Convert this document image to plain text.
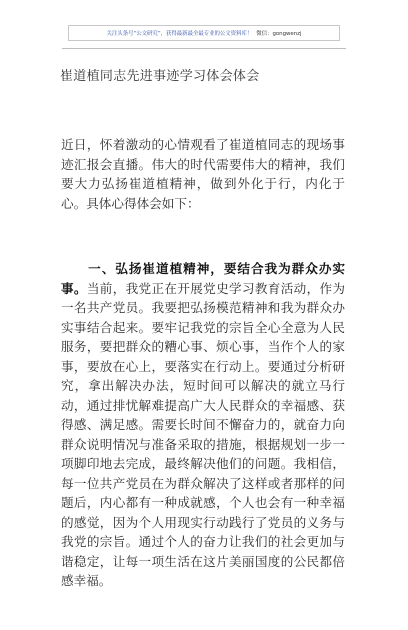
关注头条号“公文研究”，获得最新最全最专业的公文资料库！ 微信：gongwenzj
崔道植同志先进事迹学习体会体会

近日，怀着激动的心情观看了崔道植同志的现场事迹汇报会直播。伟大的时代需要伟大的精神，我们要大力弘扬崔道植精神，做到外化于行，内化于心。具体心得体会如下：

　　一、弘扬崔道植精神，要结合我为群众办实事。当前，我党正在开展党史学习教育活动，作为一名共产党员。我要把弘扬模范精神和我为群众办实事结合起来。要牢记我党的宗旨全心全意为人民服务，要把群众的糟心事、烦心事，当作个人的家事，要放在心上，要落实在行动上。要通过分析研究，拿出解决办法，短时间可以解决的就立马行动，通过排忧解难提高广大人民群众的幸福感、获得感、满足感。需要长时间不懈奋力的，就奋力向群众说明情况与准备采取的措施，根据规划一步一项脚印地去完成，最终解决他们的问题。我相信，每一位共产党员在为群众解决了这样或者那样的问题后，内心都有一种成就感，个人也会有一种幸福的感觉，因为个人用现实行动践行了党员的义务与我党的宗旨。通过个人的奋力让我们的社会更加与谐稳定，让每一项生活在这片美丽国度的公民都倍感幸福。
